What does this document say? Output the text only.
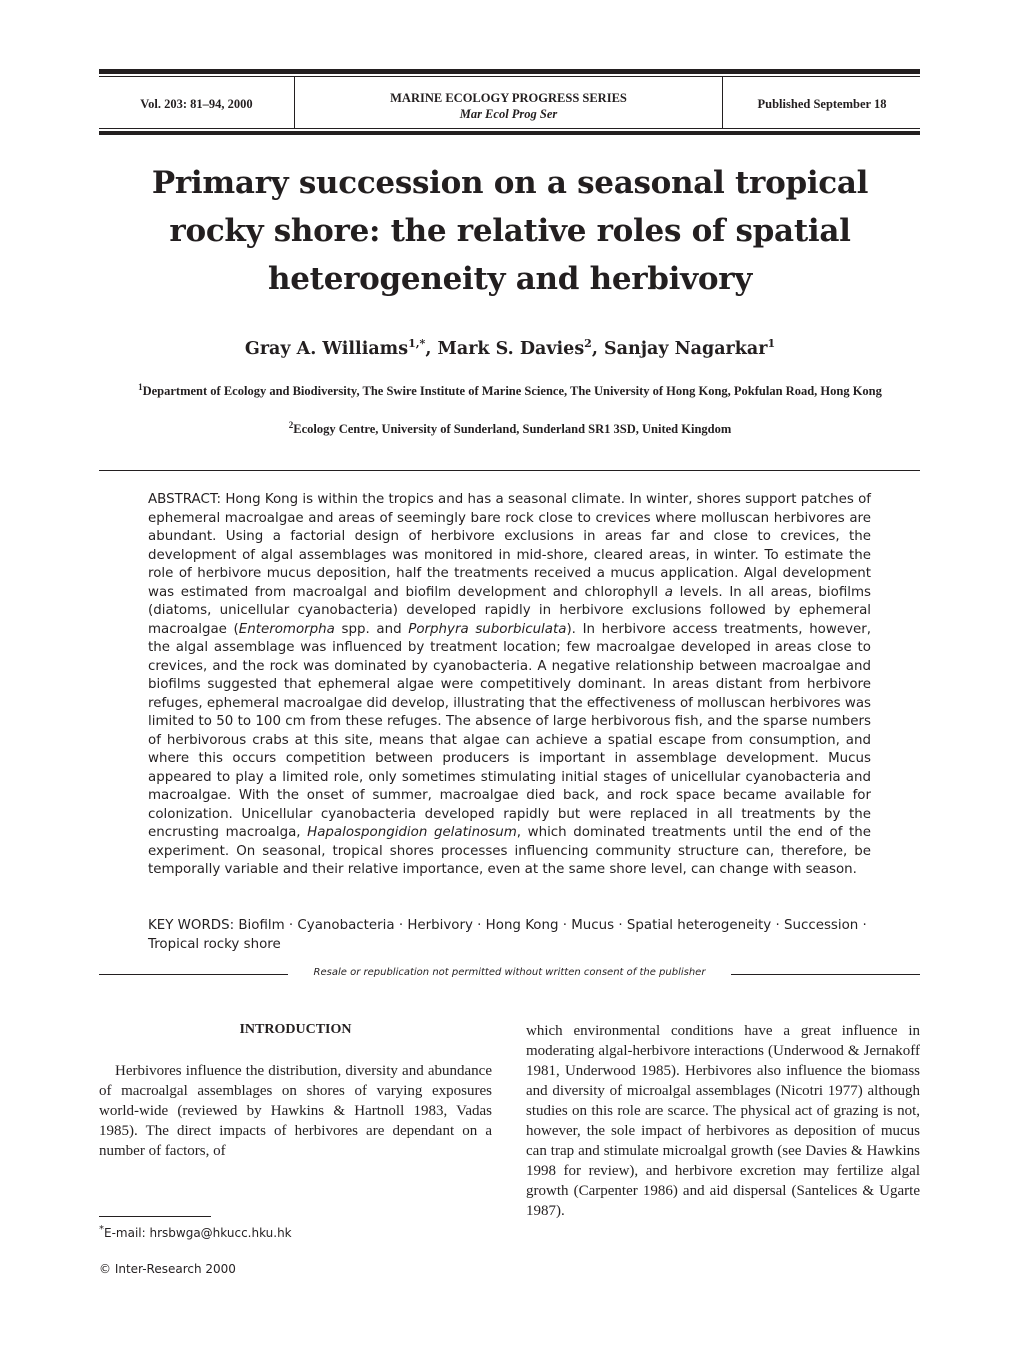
Vol. 203: 81–94, 2000	MARINE ECOLOGY PROGRESS SERIES
Mar Ecol Prog Ser
Published September 18
Primary succession on a seasonal tropical rocky shore: the relative roles of spatial heterogeneity and herbivory
Gray A. Williams$^{1,*}$, Mark S. Davies$^2$, Sanjay Nagarkar$^1$
$^1$Department of Ecology and Biodiversity, The Swire Institute of Marine Science, The University of Hong Kong, Pokfulan Road, Hong Kong
$^2$Ecology Centre, University of Sunderland, Sunderland SR1 3SD, United Kingdom
ABSTRACT: Hong Kong is within the tropics and has a seasonal climate. In winter, shores support patches of ephemeral macroalgae and areas of seemingly bare rock close to crevices where molluscan herbivores are abundant. Using a factorial design of herbivore exclusions in areas far and close to crevices, the development of algal assemblages was monitored in mid-shore, cleared areas, in winter. To estimate the role of herbivore mucus deposition, half the treatments received a mucus application. Algal development was estimated from macroalgal and biofilm development and chlorophyll a levels. In all areas, biofilms (diatoms, unicellular cyanobacteria) developed rapidly in herbivore exclusions followed by ephemeral macroalgae (Enteromorpha spp. and Porphyra suborbiculata). In herbivore access treatments, however, the algal assemblage was influenced by treatment location; few macroalgae developed in areas close to crevices, and the rock was dominated by cyanobacteria. A negative relationship between macroalgae and biofilms suggested that ephemeral algae were competitively dominant. In areas distant from herbivore refuges, ephemeral macroalgae did develop, illustrating that the effectiveness of molluscan herbivores was limited to 50 to 100 cm from these refuges. The absence of large herbivorous fish, and the sparse numbers of herbivorous crabs at this site, means that algae can achieve a spatial escape from consumption, and where this occurs competition between producers is important in assemblage development. Mucus appeared to play a limited role, only sometimes stimulating initial stages of unicellular cyanobacteria and macroalgae. With the onset of summer, macroalgae died back, and rock space became available for colonization. Unicellular cyanobacteria developed rapidly but were replaced in all treatments by the encrusting macroalga, Hapalospongidion gelatinosum, which dominated treatments until the end of the experiment. On seasonal, tropical shores processes influencing community structure can, therefore, be temporally variable and their relative importance, even at the same shore level, can change with season.
KEY WORDS: Biofilm · Cyanobacteria · Herbivory · Hong Kong · Mucus · Spatial heterogeneity · Succession · Tropical rocky shore
Resale or republication not permitted without written consent of the publisher
INTRODUCTION
Herbivores influence the distribution, diversity and abundance of macroalgal assemblages on shores of varying exposures world-wide (reviewed by Hawkins & Hartnoll 1983, Vadas 1985). The direct impacts of herbivores are dependant on a number of factors, of
which environmental conditions have a great influence in moderating algal-herbivore interactions (Underwood & Jernakoff 1981, Underwood 1985). Herbivores also influence the biomass and diversity of microalgal assemblages (Nicotri 1977) although studies on this role are scarce. The physical act of grazing is not, however, the sole impact of herbivores as deposition of mucus can trap and stimulate microalgal growth (see Davies & Hawkins 1998 for review), and herbivore excretion may fertilize algal growth (Carpenter 1986) and aid dispersal (Santelices & Ugarte 1987).
*E-mail: hrsbwga@hkucc.hku.hk
© Inter-Research 2000
